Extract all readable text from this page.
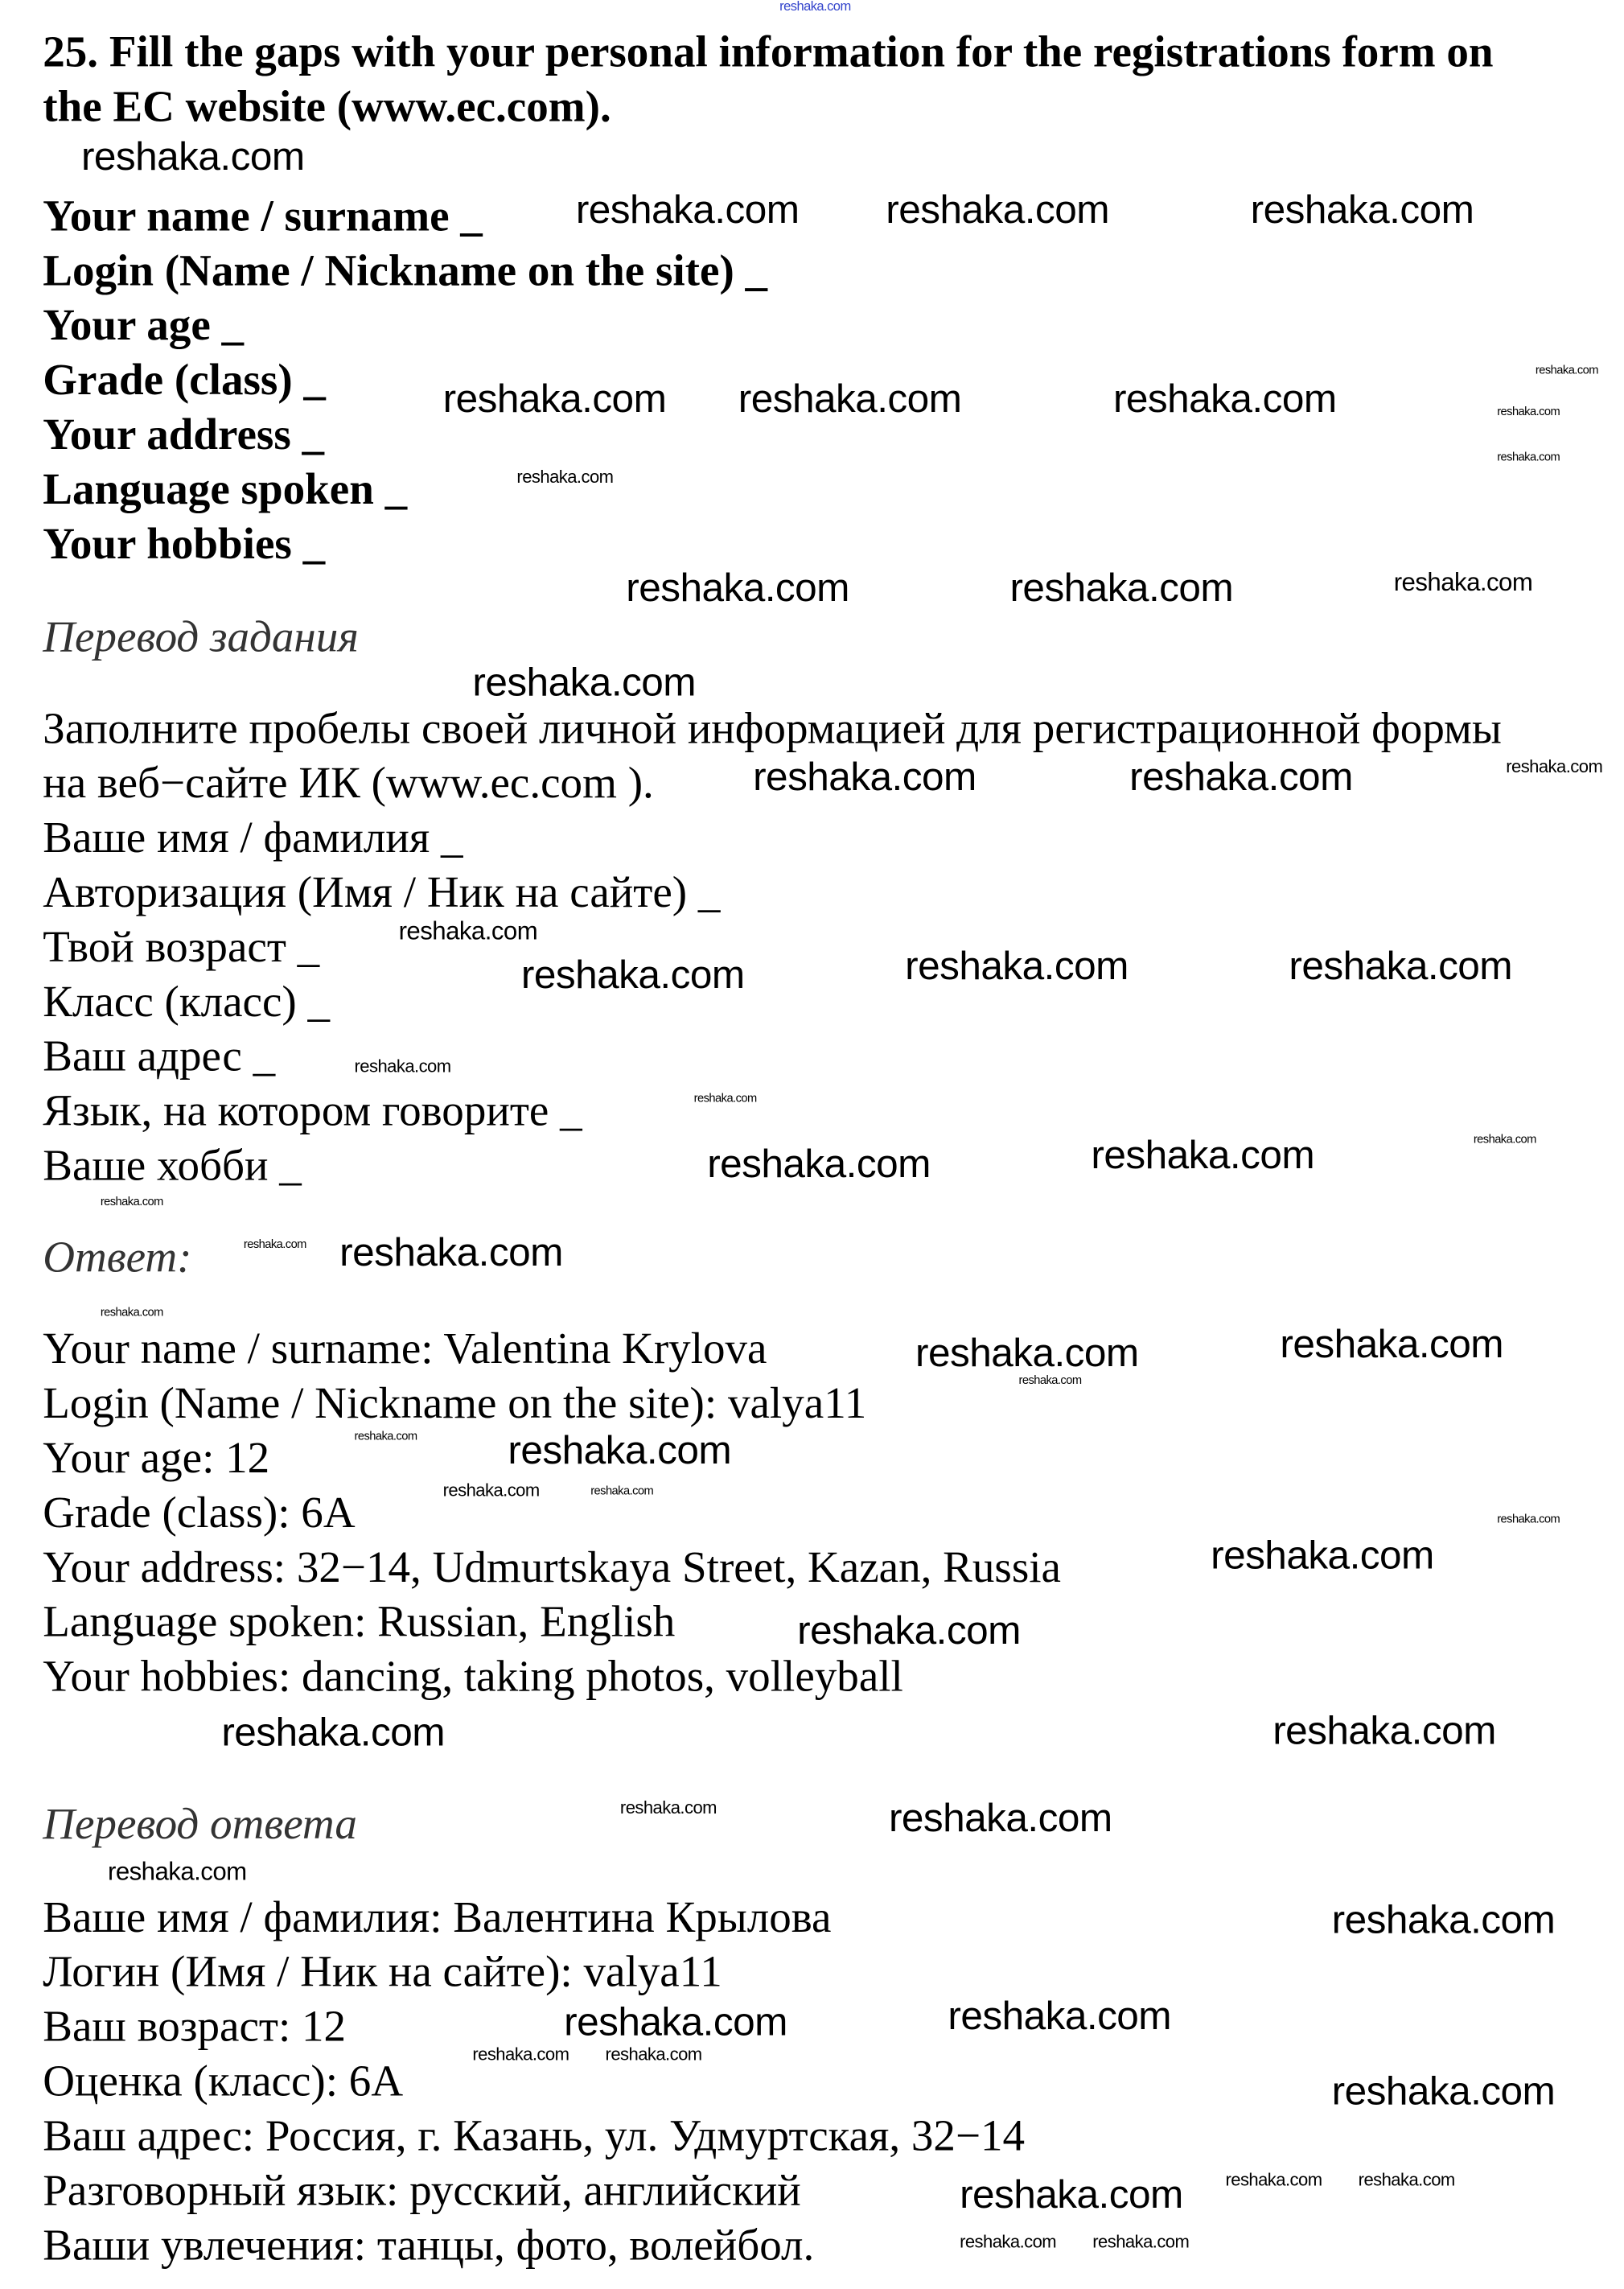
25. Fill the gaps with your personal information for the registrations form on
the EC website (www.ec.com).
Your name / surname _
Login (Name / Nickname on the site) _
Your age _
Grade (class) _
Your address _
Language spoken _
Your hobbies _
Перевод задания
Заполните пробелы своей личной информацией для регистрационной формы
на веб−сайте ИК (www.ec.com ).
Ваше имя / фамилия _
Авторизация (Имя / Ник на сайте) _
Твой возраст _
Класс (класс) _
Ваш адрес _
Язык, на котором говорите _
Ваше хобби _
Ответ:
Your name / surname: Valentina Krylova
Login (Name / Nickname on the site): valya11
Your age: 12
Grade (class): 6A
Your address: 32−14, Udmurtskaya Street, Kazan, Russia
Language spoken: Russian, English
Your hobbies: dancing, taking photos, volleyball
Перевод ответа
Ваше имя / фамилия: Валентина Крылова
Логин (Имя / Ник на сайте): valya11
Ваш возраст: 12
Оценка (класс): 6А
Ваш адрес: Россия, г. Казань, ул. Удмуртская, 32−14
Разговорный язык: русский, английский
Ваши увлечения: танцы, фото, волейбол.
reshaka.com
reshaka.com
reshaka.com	reshaka.com	reshaka.com
reshaka.com
reshaka.com	reshaka.com	reshaka.com	reshaka.com
reshaka.com
reshaka.com
reshaka.com	reshaka.com	reshaka.com
reshaka.com
reshaka.com	reshaka.com	reshaka.com
reshaka.com
reshaka.com	reshaka.com	reshaka.com
reshaka.com
reshaka.com
reshaka.com	reshaka.com	reshaka.com
reshaka.com
reshaka.com reshaka.com
reshaka.com
reshaka.com	reshaka.com
reshaka.com
reshaka.com
reshaka.com
reshaka.com
reshaka.com
reshaka.com
reshaka.com
reshaka.com
reshaka.com	reshaka.com
reshaka.com	reshaka.com
reshaka.com
reshaka.com
reshaka.com	reshaka.com
reshaka.com	reshaka.com
reshaka.com
reshaka.com	reshaka.com
reshaka.com
reshaka.com	reshaka.com
